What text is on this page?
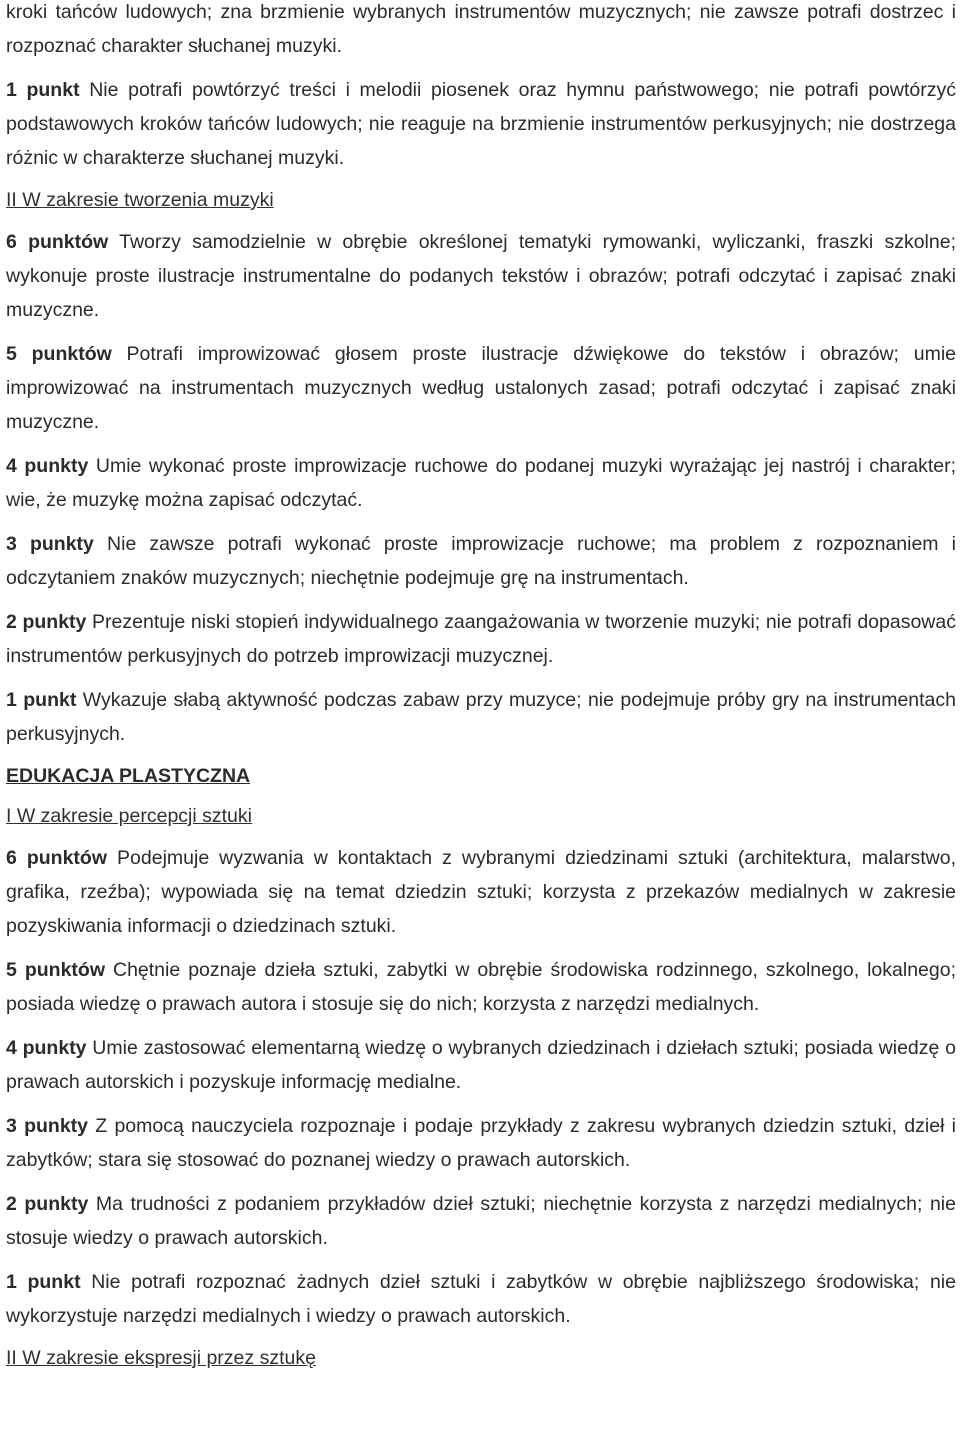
kroki tańców ludowych; zna brzmienie wybranych instrumentów muzycznych; nie zawsze potrafi dostrzec i rozpoznać charakter słuchanej muzyki.

1 punkt Nie potrafi powtórzyć treści i melodii piosenek oraz hymnu państwowego; nie potrafi powtórzyć podstawowych kroków tańców ludowych; nie reaguje na brzmienie instrumentów perkusyjnych; nie dostrzega różnic w charakterze słuchanej muzyki.

II W zakresie tworzenia muzyki

6 punktów Tworzy samodzielnie w obrębie określonej tematyki rymowanki, wyliczanki, fraszki szkolne; wykonuje proste ilustracje instrumentalne do podanych tekstów i obrazów; potrafi odczytać i zapisać znaki muzyczne.

5 punktów Potrafi improwizować głosem proste ilustracje dźwiękowe do tekstów i obrazów; umie improwizować na instrumentach muzycznych według ustalonych zasad; potrafi odczytać i zapisać znaki muzyczne.

4 punkty Umie wykonać proste improwizacje ruchowe do podanej muzyki wyrażając jej nastrój i charakter; wie, że muzykę można zapisać odczytać.

3 punkty Nie zawsze potrafi wykonać proste improwizacje ruchowe; ma problem z rozpoznaniem i odczytaniem znaków muzycznych; niechętnie podejmuje grę na instrumentach.

2 punkty Prezentuje niski stopień indywidualnego zaangażowania w tworzenie muzyki; nie potrafi dopasować instrumentów perkusyjnych do potrzeb improwizacji muzycznej.

1 punkt Wykazuje słabą aktywność podczas zabaw przy muzyce; nie podejmuje próby gry na instrumentach perkusyjnych.

EDUKACJA PLASTYCZNA

I W zakresie percepcji sztuki

6 punktów Podejmuje wyzwania w kontaktach z wybranymi dziedzinami sztuki (architektura, malarstwo, grafika, rzeźba); wypowiada się na temat dziedzin sztuki; korzysta z przekazów medialnych w zakresie pozyskiwania informacji o dziedzinach sztuki.

5 punktów Chętnie poznaje dzieła sztuki, zabytki w obrębie środowiska rodzinnego, szkolnego, lokalnego; posiada wiedzę o prawach autora i stosuje się do nich; korzysta z narzędzi medialnych.

4 punkty Umie zastosować elementarną wiedzę o wybranych dziedzinach i dziełach sztuki; posiada wiedzę o prawach autorskich i pozyskuje informację medialne.

3 punkty Z pomocą nauczyciela rozpoznaje i podaje przykłady z zakresu wybranych dziedzin sztuki, dzieł i zabytków; stara się stosować do poznanej wiedzy o prawach autorskich.

2 punkty Ma trudności z podaniem przykładów dzieł sztuki; niechętnie korzysta z narzędzi medialnych; nie stosuje wiedzy o prawach autorskich.

1 punkt Nie potrafi rozpoznać żadnych dzieł sztuki i zabytków w obrębie najbliższego środowiska; nie wykorzystuje narzędzi medialnych i wiedzy o prawach autorskich.

II W zakresie ekspresji przez sztukę
